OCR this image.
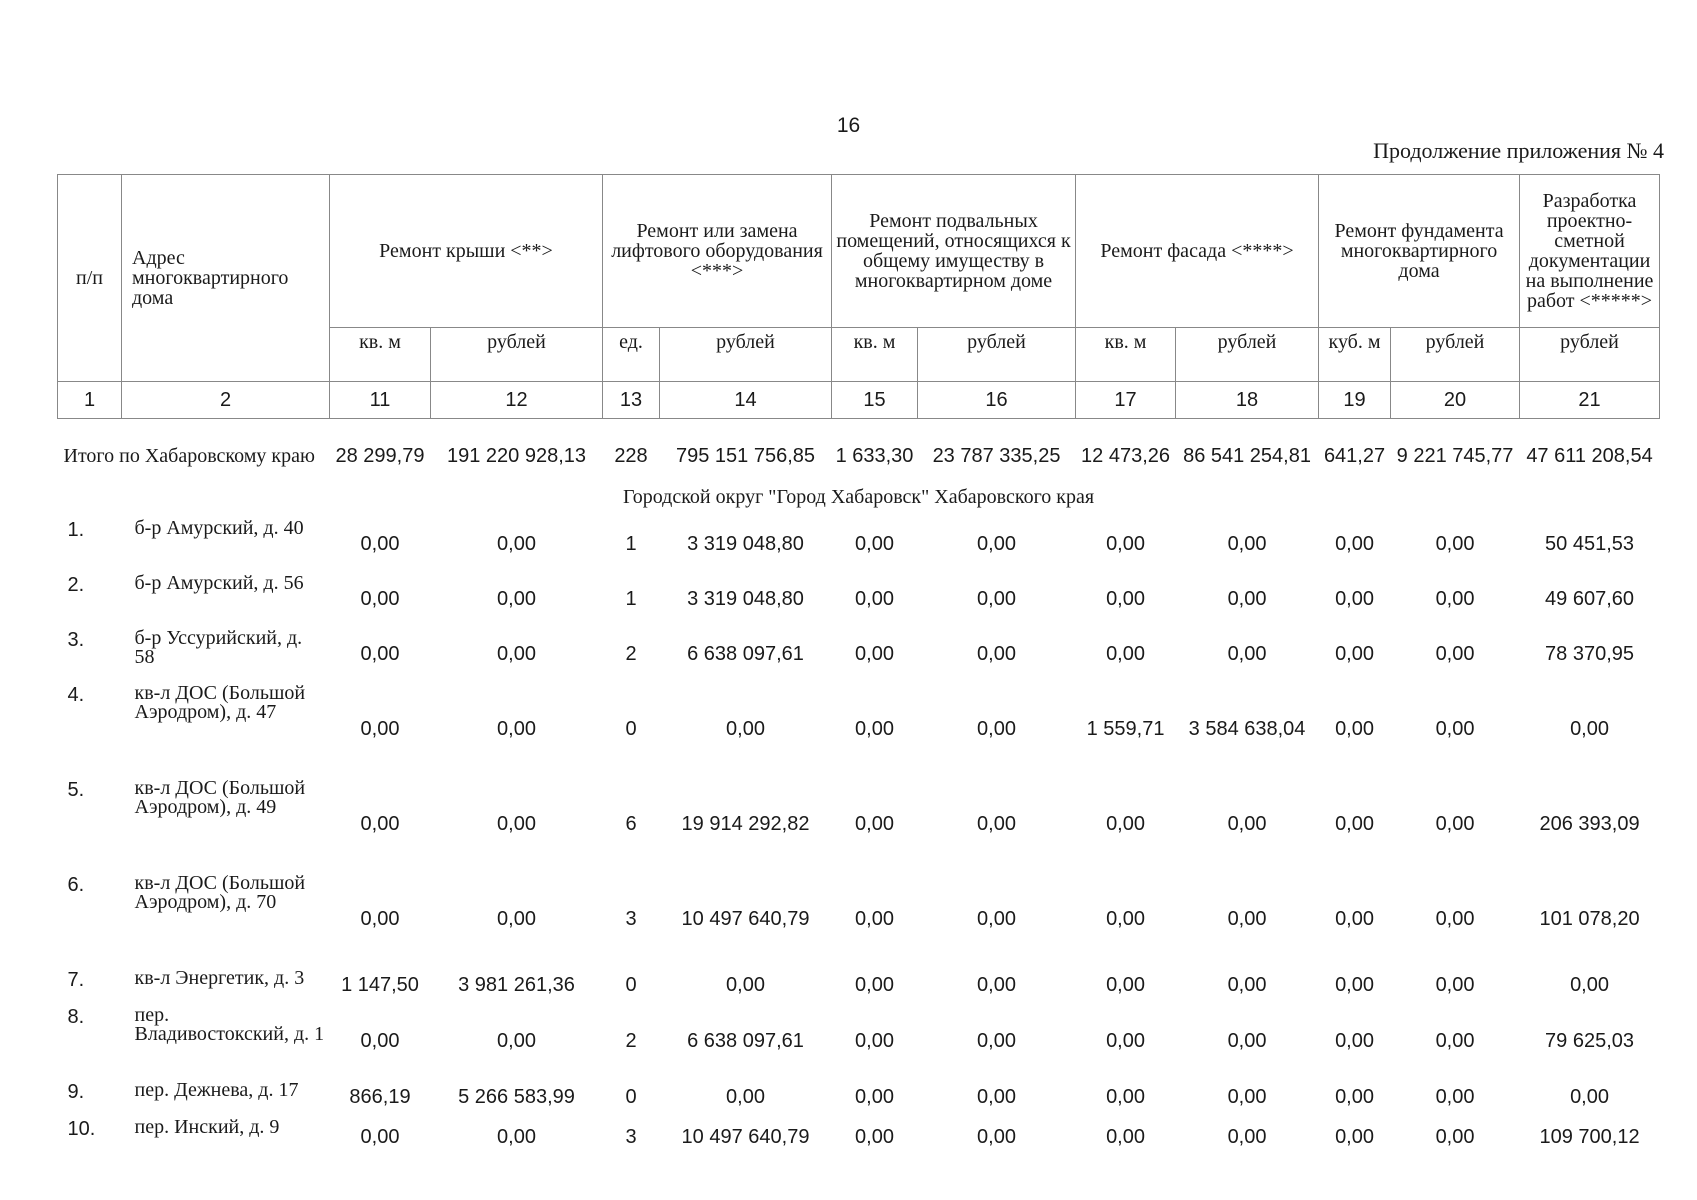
16
Продолжение приложения № 4
п/п	Адрес многоквартирного дома	Ремонт крыши <**>		Ремонт или замена лифтового оборудования <***>		Ремонт подвальных помещений, относящихся к общему имуществу в многоквартирном доме		Ремонт фасада <****>		Ремонт фундамента многоквартирного дома		Разработка проектно-сметной документации на выполнение работ <*****>
		кв. м	рублей	ед.	рублей	кв. м	рублей	кв. м	рублей	куб. м	рублей	рублей
1	2	11	12	13	14	15	16	17	18	19	20	21

Итого по Хабаровскому краю		28 299,79	191 220 928,13	228	795 151 756,85	1 633,30	23 787 335,25	12 473,26	86 541 254,81	641,27	9 221 745,77	47 611 208,54
Городской округ "Город Хабаровск" Хабаровского края												
1.	б-р Амурский, д. 40	0,00	0,00	1	3 319 048,80	0,00	0,00	0,00	0,00	0,00	0,00	50 451,53
2.	б-р Амурский, д. 56	0,00	0,00	1	3 319 048,80	0,00	0,00	0,00	0,00	0,00	0,00	49 607,60
3.	б-р Уссурийский, д. 58	0,00	0,00	2	6 638 097,61	0,00	0,00	0,00	0,00	0,00	0,00	78 370,95
4.	кв-л ДОС (Большой Аэродром), д. 47	0,00	0,00	0	0,00	0,00	0,00	1 559,71	3 584 638,04	0,00	0,00	0,00
5.	кв-л ДОС (Большой Аэродром), д. 49	0,00	0,00	6	19 914 292,82	0,00	0,00	0,00	0,00	0,00	0,00	206 393,09
6.	кв-л ДОС (Большой Аэродром), д. 70	0,00	0,00	3	10 497 640,79	0,00	0,00	0,00	0,00	0,00	0,00	101 078,20
7.	кв-л Энергетик, д. 3	1 147,50	3 981 261,36	0	0,00	0,00	0,00	0,00	0,00	0,00	0,00	0,00
8.	пер. Владивостокский, д. 1	0,00	0,00	2	6 638 097,61	0,00	0,00	0,00	0,00	0,00	0,00	79 625,03
9.	пер. Дежнева, д. 17	866,19	5 266 583,99	0	0,00	0,00	0,00	0,00	0,00	0,00	0,00	0,00
10.	пер. Инский, д. 9	0,00	0,00	3	10 497 640,79	0,00	0,00	0,00	0,00	0,00	0,00	109 700,12
